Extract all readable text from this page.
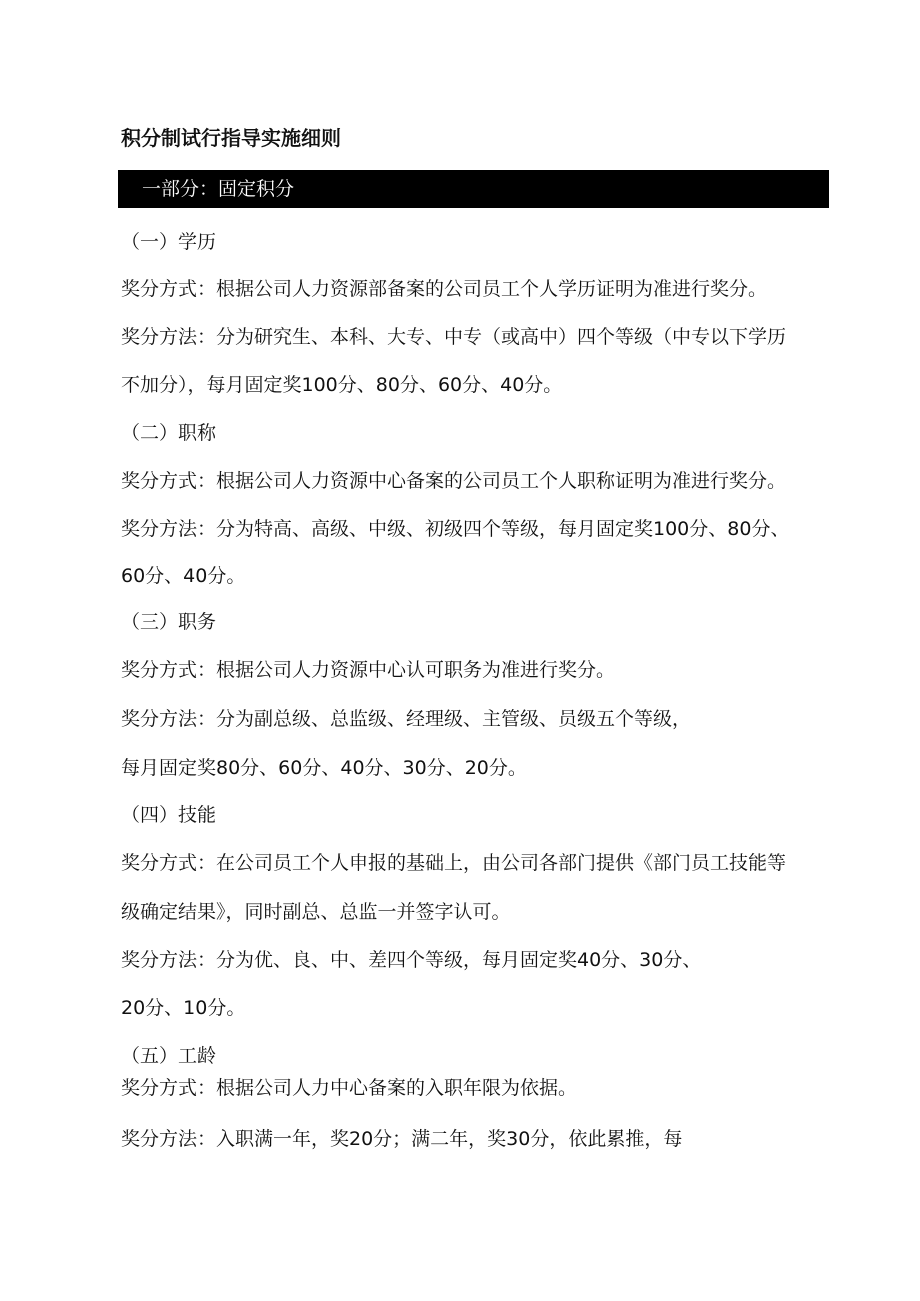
积分制试行指导实施细则
一部分：固定积分
（一）学历
奖分方式：根据公司人力资源部备案的公司员工个人学历证明为准进行奖分。
奖分方法：分为研究生、本科、大专、中专（或高中）四个等级（中专以下学历
不加分），每月固定奖100分、80分、60分、40分。
（二）职称
奖分方式：根据公司人力资源中心备案的公司员工个人职称证明为准进行奖分。
奖分方法：分为特高、高级、中级、初级四个等级，每月固定奖100分、80分、
60分、40分。
（三）职务
奖分方式：根据公司人力资源中心认可职务为准进行奖分。
奖分方法：分为副总级、总监级、经理级、主管级、员级五个等级，
每月固定奖80分、60分、40分、30分、20分。
（四）技能
奖分方式：在公司员工个人申报的基础上，由公司各部门提供《部门员工技能等
级确定结果》，同时副总、总监一并签字认可。
奖分方法：分为优、良、中、差四个等级，每月固定奖40分、30分、
20分、10分。
（五）工龄
奖分方式：根据公司人力中心备案的入职年限为依据。
奖分方法：入职满一年，奖20分；满二年，奖30分，依此累推，每
